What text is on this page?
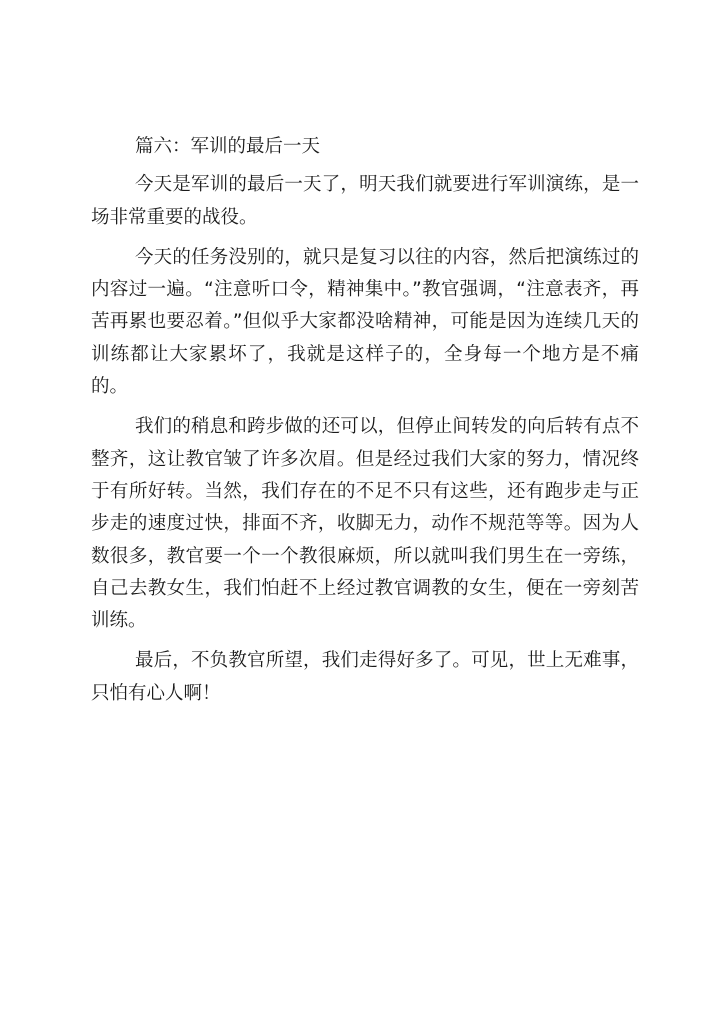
篇六：军训的最后一天

今天是军训的最后一天了，明天我们就要进行军训演练，是一场非常重要的战役。

今天的任务没别的，就只是复习以往的内容，然后把演练过的内容过一遍。“注意听口令，精神集中。”教官强调，“注意表齐，再苦再累也要忍着。”但似乎大家都没啥精神，可能是因为连续几天的训练都让大家累坏了，我就是这样子的，全身每一个地方是不痛的。

我们的稍息和跨步做的还可以，但停止间转发的向后转有点不整齐，这让教官皱了许多次眉。但是经过我们大家的努力，情况终于有所好转。当然，我们存在的不足不只有这些，还有跑步走与正步走的速度过快，排面不齐，收脚无力，动作不规范等等。因为人数很多，教官要一个一个教很麻烦，所以就叫我们男生在一旁练，自己去教女生，我们怕赶不上经过教官调教的女生，便在一旁刻苦训练。

最后，不负教官所望，我们走得好多了。可见，世上无难事，只怕有心人啊！
